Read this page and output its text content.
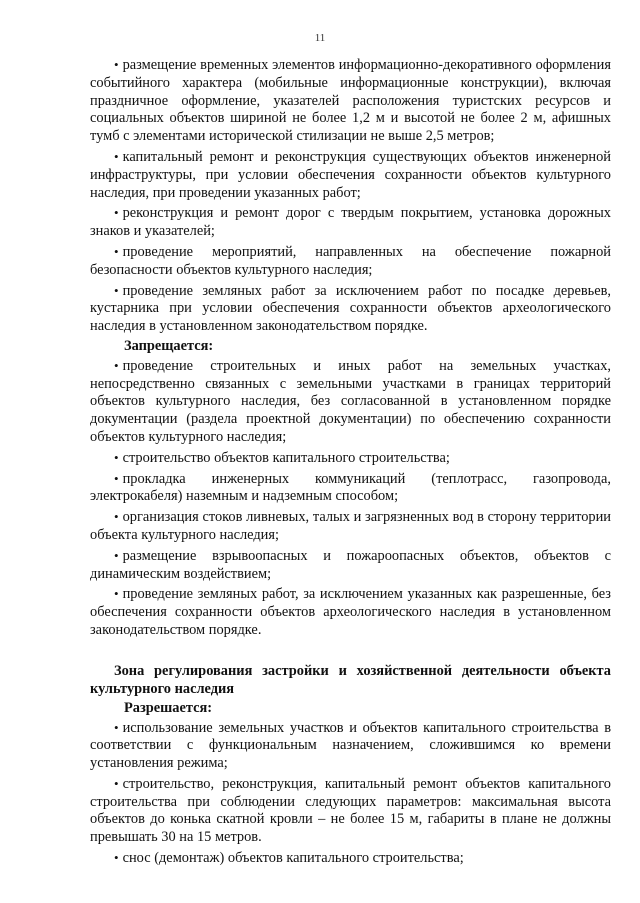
11

• размещение временных элементов информационно-декоративного оформления событийного характера (мобильные информационные конструкции), включая праздничное оформление, указателей расположения туристских ресурсов и социальных объектов шириной не более 1,2 м и высотой не более 2 м, афишных тумб с элементами исторической стилизации не выше 2,5 метров;

• капитальный ремонт и реконструкция существующих объектов инженерной инфраструктуры, при условии обеспечения сохранности объектов культурного наследия, при проведении указанных работ;

• реконструкция и ремонт дорог с твердым покрытием, установка дорожных знаков и указателей;

• проведение мероприятий, направленных на обеспечение пожарной безопасности объектов культурного наследия;

• проведение земляных работ за исключением работ по посадке деревьев, кустарника при условии обеспечения сохранности объектов археологического наследия в установленном законодательством порядке.

Запрещается:

• проведение строительных и иных работ на земельных участках, непосредственно связанных с земельными участками в границах территорий объектов культурного наследия, без согласованной в установленном порядке документации (раздела проектной документации) по обеспечению сохранности объектов культурного наследия;

• строительство объектов капитального строительства;

• прокладка инженерных коммуникаций (теплотрасс, газопровода, электрокабеля) наземным и надземным способом;

• организация стоков ливневых, талых и загрязненных вод в сторону территории объекта культурного наследия;

• размещение взрывоопасных и пожароопасных объектов, объектов с динамическим воздействием;

• проведение земляных работ, за исключением указанных как разрешенные, без обеспечения сохранности объектов археологического наследия в установленном законодательством порядке.

Зона регулирования застройки и хозяйственной деятельности объекта культурного наследия

Разрешается:

• использование земельных участков и объектов капитального строительства в соответствии с функциональным назначением, сложившимся ко времени установления режима;

• строительство, реконструкция, капитальный ремонт объектов капитального строительства при соблюдении следующих параметров: максимальная высота объектов до конька скатной кровли – не более 15 м, габариты в плане не должны превышать 30 на 15 метров.

• снос (демонтаж) объектов капитального строительства;
